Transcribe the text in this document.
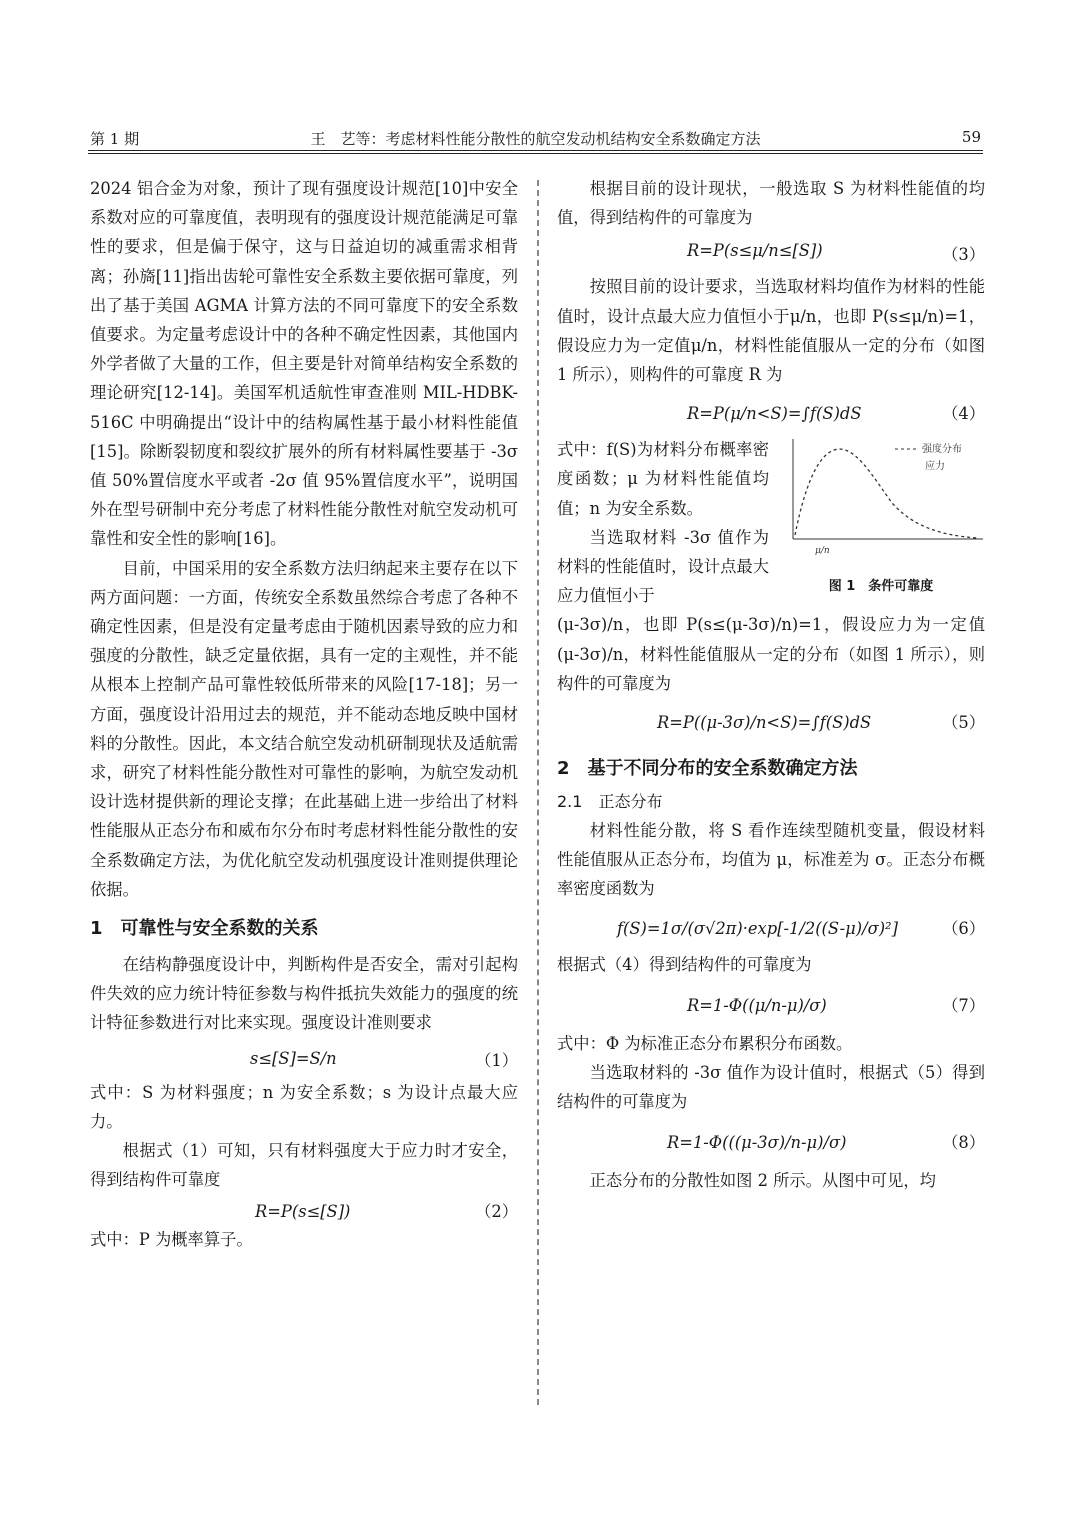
第 1 期	王　艺等：考虑材料性能分散性的航空发动机结构安全系数确定方法	59

2024 铝合金为对象，预计了现有强度设计规范[10]中安全系数对应的可靠度值，表明现有的强度设计规范能满足可靠性的要求，但是偏于保守，这与日益迫切的减重需求相背离；孙旖[11]指出齿轮可靠性安全系数主要依据可靠度，列出了基于美国 AGMA 计算方法的不同可靠度下的安全系数值要求。为定量考虑设计中的各种不确定性因素，其他国内外学者做了大量的工作，但主要是针对简单结构安全系数的理论研究[12-14]。美国军机适航性审查准则 MIL-HDBK-516C 中明确提出“设计中的结构属性基于最小材料性能值[15]。除断裂韧度和裂纹扩展外的所有材料属性要基于 -3σ 值 50%置信度水平或者 -2σ 值 95%置信度水平”，说明国外在型号研制中充分考虑了材料性能分散性对航空发动机可靠性和安全性的影响[16]。

目前，中国采用的安全系数方法归纳起来主要存在以下两方面问题：一方面，传统安全系数虽然综合考虑了各种不确定性因素，但是没有定量考虑由于随机因素导致的应力和强度的分散性，缺乏定量依据，具有一定的主观性，并不能从根本上控制产品可靠性较低所带来的风险[17-18]；另一方面，强度设计沿用过去的规范，并不能动态地反映中国材料的分散性。因此，本文结合航空发动机研制现状及适航需求，研究了材料性能分散性对可靠性的影响，为航空发动机设计选材提供新的理论支撑；在此基础上进一步给出了材料性能服从正态分布和威布尔分布时考虑材料性能分散性的安全系数确定方法，为优化航空发动机强度设计准则提供理论依据。

1　可靠性与安全系数的关系

在结构静强度设计中，判断构件是否安全，需对引起构件失效的应力统计特征参数与构件抵抗失效能力的强度的统计特征参数进行对比来实现。强度设计准则要求

s≤[S]=S/n	（1）

式中：S 为材料强度；n 为安全系数；s 为设计点最大应力。

根据式（1）可知，只有材料强度大于应力时才安全，得到结构件可靠度

R=P(s≤[S])	（2）

式中：P 为概率算子。

根据目前的设计现状，一般选取 S 为材料性能值的均值，得到结构件的可靠度为

R=P(s≤μ/n≤[S])	（3）

按照目前的设计要求，当选取材料均值作为材料的性能值时，设计点最大应力值恒小于μ/n，也即 P(s≤μ/n)=1，假设应力为一定值μ/n，材料性能值服从一定的分布（如图 1 所示），则构件的可靠度 R 为

R=P(μ/n<S)=∫f(S)dS	（4）

式中：f(S)为材料分布概率密度函数；μ 为材料性能值均值；n 为安全系数。

当选取材料 -3σ 值作为材料的性能值时，设计点最大应力值恒小于

强度分布
应力
μ/n
图 1　条件可靠度

(μ-3σ)/n，也即 P(s≤(μ-3σ)/n)=1，假设应力为一定值 (μ-3σ)/n，材料性能值服从一定的分布（如图 1 所示），则构件的可靠度为

R=P((μ-3σ)/n<S)=∫f(S)dS	（5）
2　基于不同分布的安全系数确定方法
2.1　正态分布

材料性能分散，将 S 看作连续型随机变量，假设材料性能值服从正态分布，均值为 μ，标准差为 σ。正态分布概率密度函数为

f(S)=1σ/(σ√2π)·exp[-1/2((S-μ)/σ)²]	（6）

根据式（4）得到结构件的可靠度为

R=1-Φ((μ/n-μ)/σ)	（7）

式中：Φ 为标准正态分布累积分布函数。

当选取材料的 -3σ 值作为设计值时，根据式（5）得到结构件的可靠度为

R=1-Φ(((μ-3σ)/n-μ)/σ)	（8）

正态分布的分散性如图 2 所示。从图中可见，均
